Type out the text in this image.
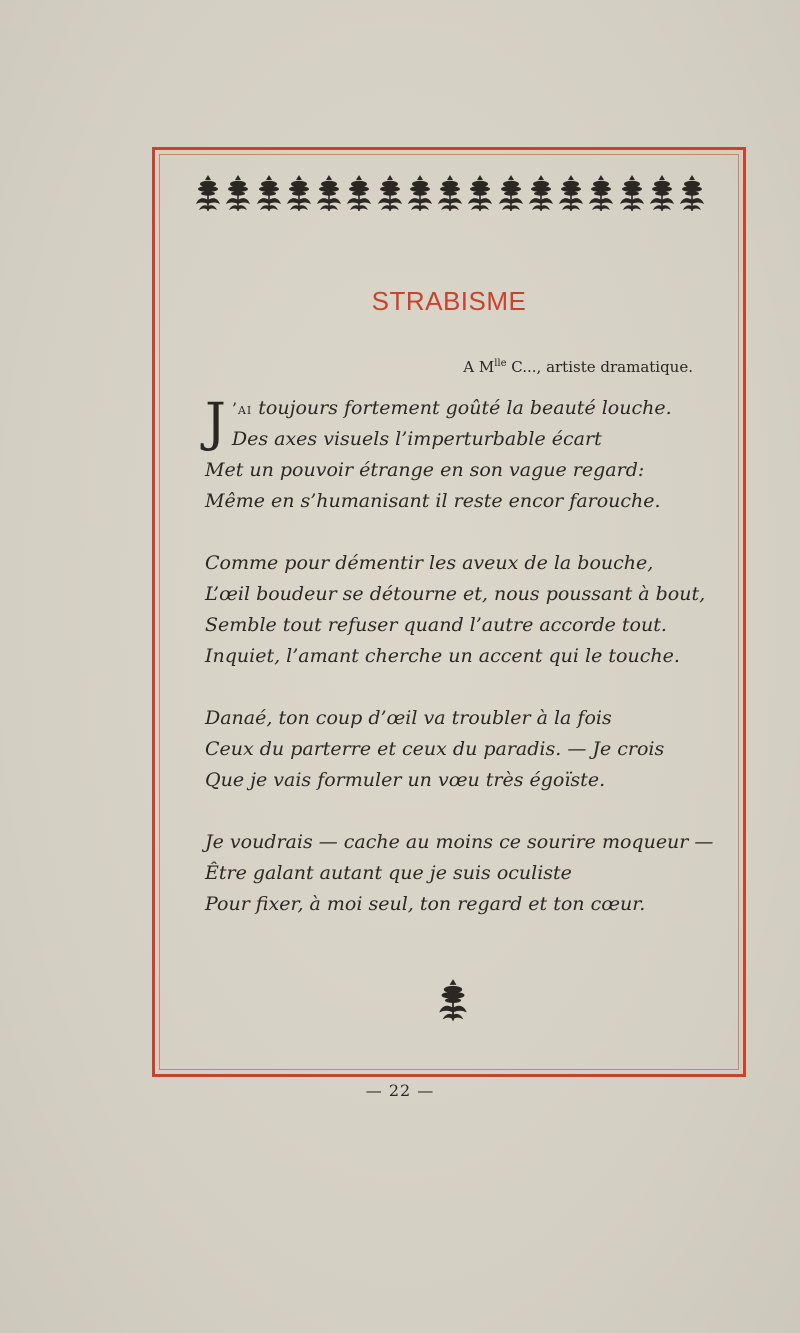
STRABISME
A $M^{lle}$ C..., artiste dramatique.
J ’ai toujours fortement goûté la beauté louche.
Des axes visuels l’imperturbable écart
Met un pouvoir étrange en son vague regard:
Même en s’humanisant il reste encor farouche.
Comme pour démentir les aveux de la bouche,
L’œil boudeur se détourne et, nous poussant à bout,
Semble tout refuser quand l’autre accorde tout.
Inquiet, l’amant cherche un accent qui le touche.
Danaé, ton coup d’œil va troubler à la fois
Ceux du parterre et ceux du paradis. — Je crois
Que je vais formuler un vœu très égoïste.
Je voudrais — cache au moins ce sourire moqueur —
Être galant autant que je suis oculiste
Pour fixer, à moi seul, ton regard et ton cœur.
— 22 —
